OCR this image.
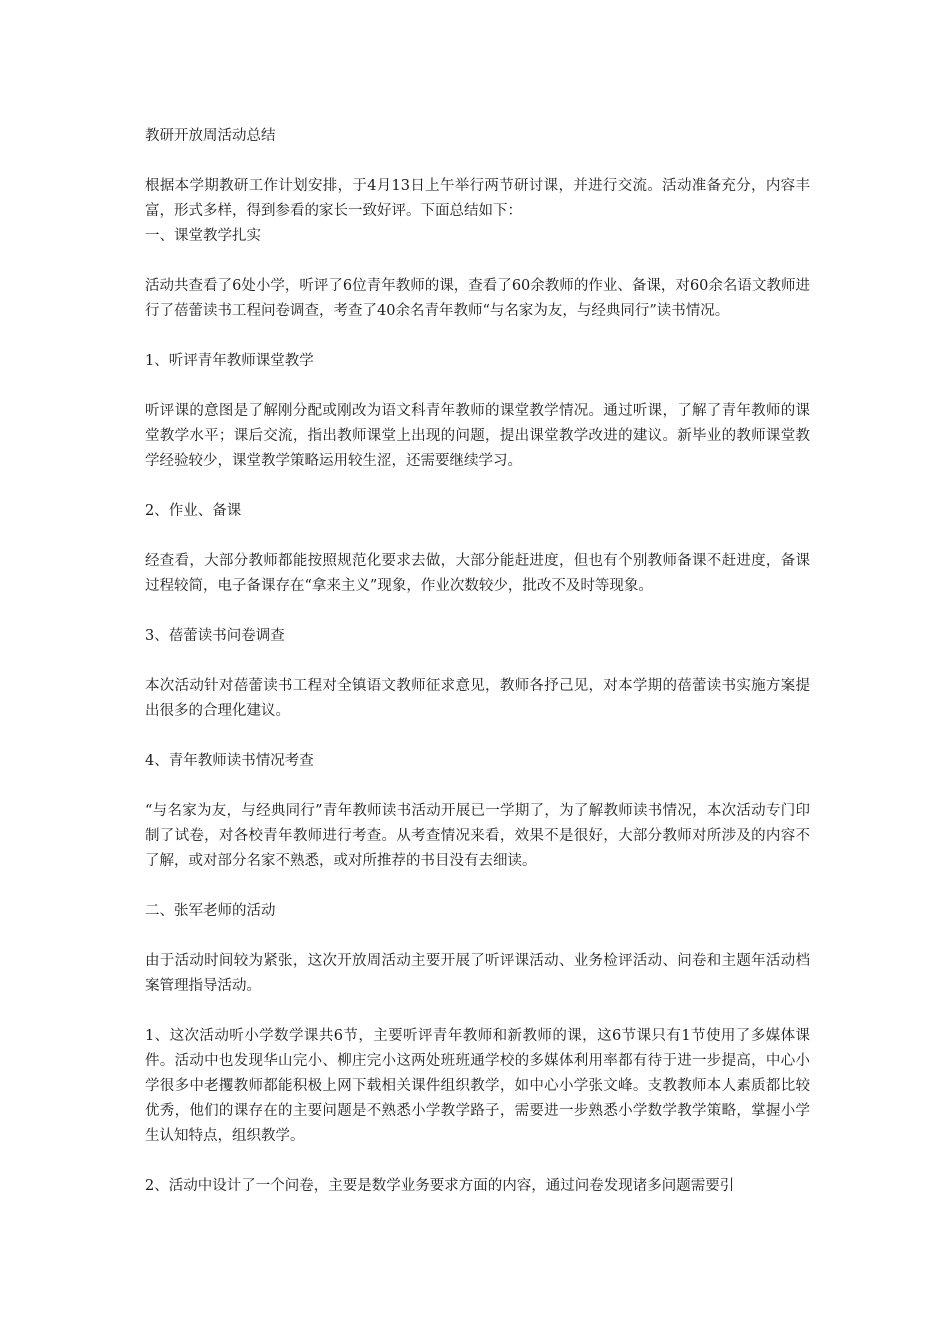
教研开放周活动总结

根据本学期教研工作计划安排，于4月13日上午举行两节研讨课，并进行交流。活动准备充分，内容丰富，形式多样，得到参看的家长一致好评。下面总结如下：

一、课堂教学扎实

活动共查看了6处小学，听评了6位青年教师的课，查看了60余教师的作业、备课，对60余名语文教师进行了蓓蕾读书工程问卷调查，考查了40余名青年教师“与名家为友，与经典同行”读书情况。

1、听评青年教师课堂教学

听评课的意图是了解刚分配或刚改为语文科青年教师的课堂教学情况。通过听课，了解了青年教师的课堂教学水平；课后交流，指出教师课堂上出现的问题，提出课堂教学改进的建议。新毕业的教师课堂教学经验较少，课堂教学策略运用较生涩，还需要继续学习。

2、作业、备课

经查看，大部分教师都能按照规范化要求去做，大部分能赶进度，但也有个别教师备课不赶进度，备课过程较简，电子备课存在“拿来主义”现象，作业次数较少，批改不及时等现象。

3、蓓蕾读书问卷调查

本次活动针对蓓蕾读书工程对全镇语文教师征求意见，教师各抒己见，对本学期的蓓蕾读书实施方案提出很多的合理化建议。

4、青年教师读书情况考查

“与名家为友，与经典同行”青年教师读书活动开展已一学期了，为了解教师读书情况，本次活动专门印制了试卷，对各校青年教师进行考查。从考查情况来看，效果不是很好，大部分教师对所涉及的内容不了解，或对部分名家不熟悉，或对所推荐的书目没有去细读。

二、张军老师的活动

由于活动时间较为紧张，这次开放周活动主要开展了听评课活动、业务检评活动、问卷和主题年活动档案管理指导活动。

1、这次活动听小学数学课共6节，主要听评青年教师和新教师的课，这6节课只有1节使用了多媒体课件。活动中也发现华山完小、柳庄完小这两处班班通学校的多媒体利用率都有待于进一步提高，中心小学很多中老攫教师都能积极上网下载相关课件组织教学，如中心小学张文峰。支教教师本人素质都比较优秀，他们的课存在的主要问题是不熟悉小学教学路子，需要进一步熟悉小学数学教学策略，掌握小学生认知特点，组织教学。

2、活动中设计了一个问卷，主要是数学业务要求方面的内容，通过问卷发现诸多问题需要引
